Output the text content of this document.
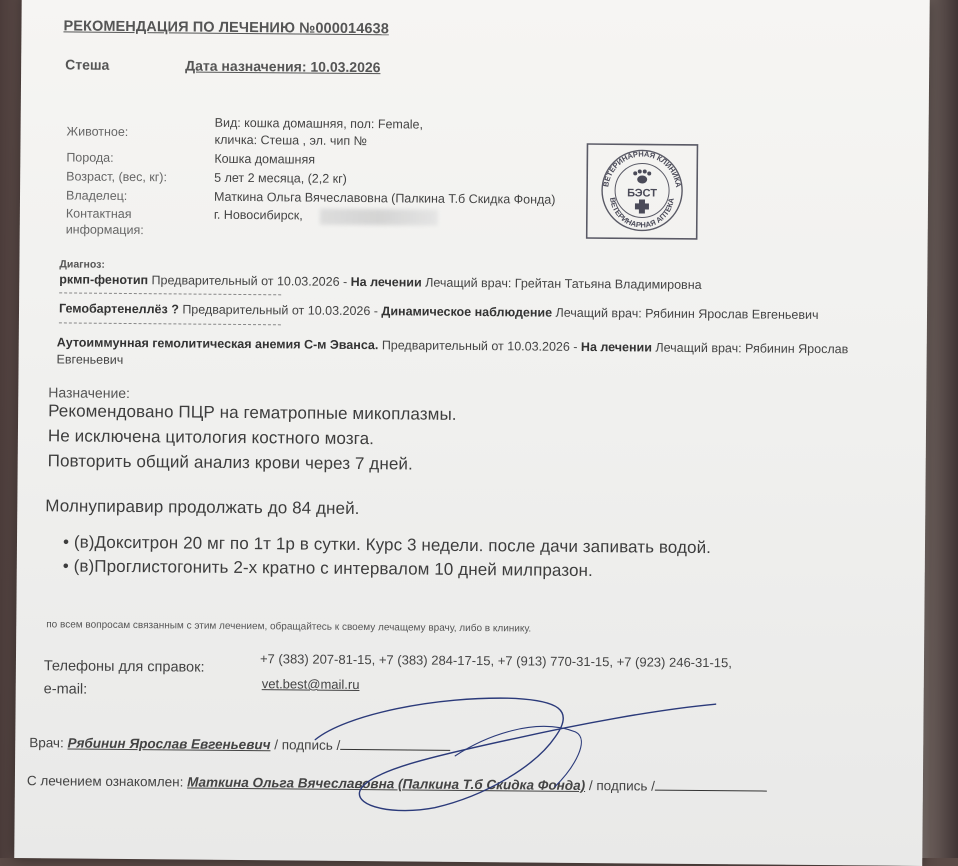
РЕКОМЕНДАЦИЯ ПО ЛЕЧЕНИЮ №000014638
Стеша	Дата назначения: 10.03.2026
Животное:
Вид: кошка домашняя, пол: Female,
кличка: Стеша , эл. чип №
Порода:	Кошка домашняя
Возраст, (вес, кг):	5 лет 2 месяца, (2,2 кг)
Владелец:	Маткина Ольга Вячеславовна (Палкина Т.б Скидка Фонда)
Контактная
информация:
г. Новосибирск,
ВЕТЕРИНАРНАЯ КЛИНИКА
ВЕТЕРИНАРНАЯ АПТЕКА
БЭСТ
Диагноз:
ркмп-фенотип Предварительный от 10.03.2026 - На лечении Лечащий врач: Грейтан Татьяна Владимировна
Гемобартенеллёз ? Предварительный от 10.03.2026 - Динамическое наблюдение Лечащий врач: Рябинин Ярослав Евгеньевич
Аутоиммунная гемолитическая анемия С-м Эванса. Предварительный от 10.03.2026 - На лечении Лечащий врач: Рябинин Ярослав
Евгеньевич
Назначение:
Рекомендовано ПЦР на гематропные микоплазмы.
Не исключена цитология костного мозга.
Повторить общий анализ крови через 7 дней.
Молнупиравир продолжать до 84 дней.
• (в)Докситрон 20 мг по 1т 1р в сутки. Курс 3 недели. после дачи запивать водой.
• (в)Проглистогонить 2-х кратно с интервалом 10 дней милпразон.
по всем вопросам связанным с этим лечением, обращайтесь к своему лечащему врачу, либо в клинику.
Телефоны для справок:	+7 (383) 207-81-15, +7 (383) 284-17-15, +7 (913) 770-31-15, +7 (923) 246-31-15,
e-mail:	vet.best@mail.ru
Врач: Рябинин Ярослав Евгеньевич / подпись /
С лечением ознакомлен: Маткина Ольга Вячеславовна (Палкина Т.б Скидка Фонда) / подпись /
